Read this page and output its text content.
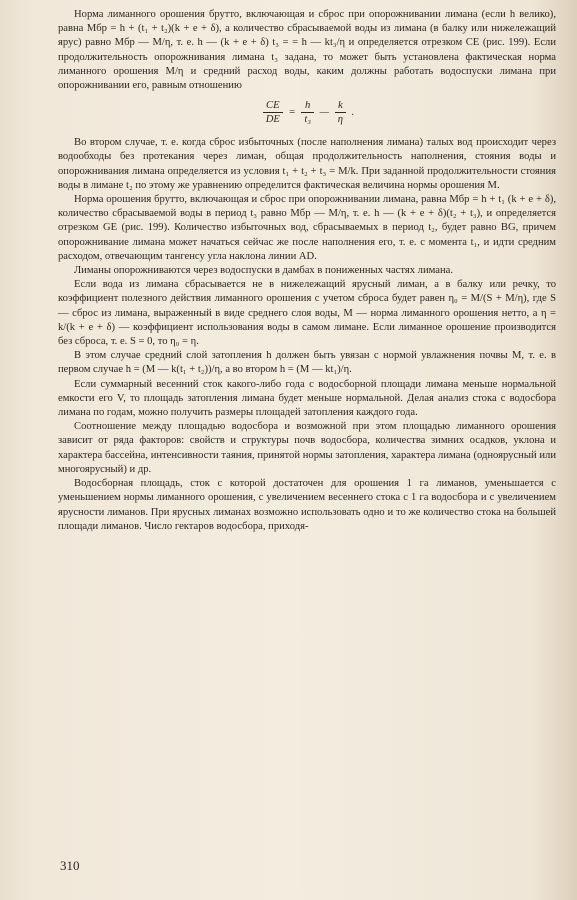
Норма лиманного орошения брутто, включающая и сброс при опорожнивании лимана (если h велико), равна Mбр = h + (t₁ + t₂)(k + e + δ), а количество сбрасываемой воды из лимана (в балку или нижележащий ярус) равно Mбр — M/η, т. е. h — (k + e + δ) t₃ = = h — kt₃/η и определяется отрезком CE (рис. 199). Если продолжительность опорожнивания лимана t₃ задана, то может быть установлена фактическая норма лиманного орошения M/η и средний расход воды, каким должны работать водоспуски лимана при опорожнивании его, равным отношению

$\frac{CE}{DE} = \frac{h}{\text{t₃}}$ — $\frac{k}{\eta}$ .

Во втором случае, т. е. когда сброс избыточных (после наполнения лимана) талых вод происходит через водообходы без протекания через лиман, общая продолжительность наполнения, стояния воды и опорожнивания лимана определяется из условия t₁ + t₂ + t₃ = M/k. При заданной продолжительности стояния воды в лимане t₂ по этому же уравнению определится фактическая величина нормы орошения M.

Норма орошения брутто, включающая и сброс при опорожнивании лимана, равна Mбр = h + t₁ (k + e + δ), количество сбрасываемой воды в период t₃ равно Mбр — M/η, т. е. h — (k + e + δ)(t₂ + t₃), и определяется отрезком GE (рис. 199). Количество избыточных вод, сбрасываемых в период t₂, будет равно BG, причем опорожнивание лимана может начаться сейчас же после наполнения его, т. е. с момента t₁, и идти средним расходом, отвечающим тангенсу угла наклона линии AD.

Лиманы опорожниваются через водоспуски в дамбах в пониженных частях лимана.

Если вода из лимана сбрасывается не в нижележащий ярусный лиман, а в балку или речку, то коэффициент полезного действия лиманного орошения с учетом сброса будет равен η₀ = M/(S + M/η), где S — сброс из лимана, выраженный в виде среднего слоя воды, M — норма лиманного орошения нетто, а η = k/(k + e + δ) — коэффициент использования воды в самом лимане. Если лиманное орошение производится без сброса, т. е. S = 0, то η₀ = η.

В этом случае средний слой затопления h должен быть увязан с нормой увлажнения почвы M, т. е. в первом случае h = (M — k(t₁ + t₂))/η, а во втором h = (M — kt₁)/η.

Если суммарный весенний сток какого-либо года с водосборной площади лимана меньше нормальной емкости его V, то площадь затопления лимана будет меньше нормальной. Делая анализ стока с водосбора лимана по годам, можно получить размеры площадей затопления каждого года.

Соотношение между площадью водосбора и возможной при этом площадью лиманного орошения зависит от ряда факторов: свойств и структуры почв водосбора, количества зимних осадков, уклона и характера бассейна, интенсивности таяния, принятой нормы затопления, характера лимана (одноярусный или многоярусный) и др.

Водосборная площадь, сток с которой достаточен для орошения 1 га лиманов, уменьшается с уменьшением нормы лиманного орошения, с увеличением весеннего стока с 1 га водосбора и с увеличением ярусности лиманов. При ярусных лиманах возможно использовать одно и то же количество стока на большей площади лиманов. Число гектаров водосбора, приходя-

310
